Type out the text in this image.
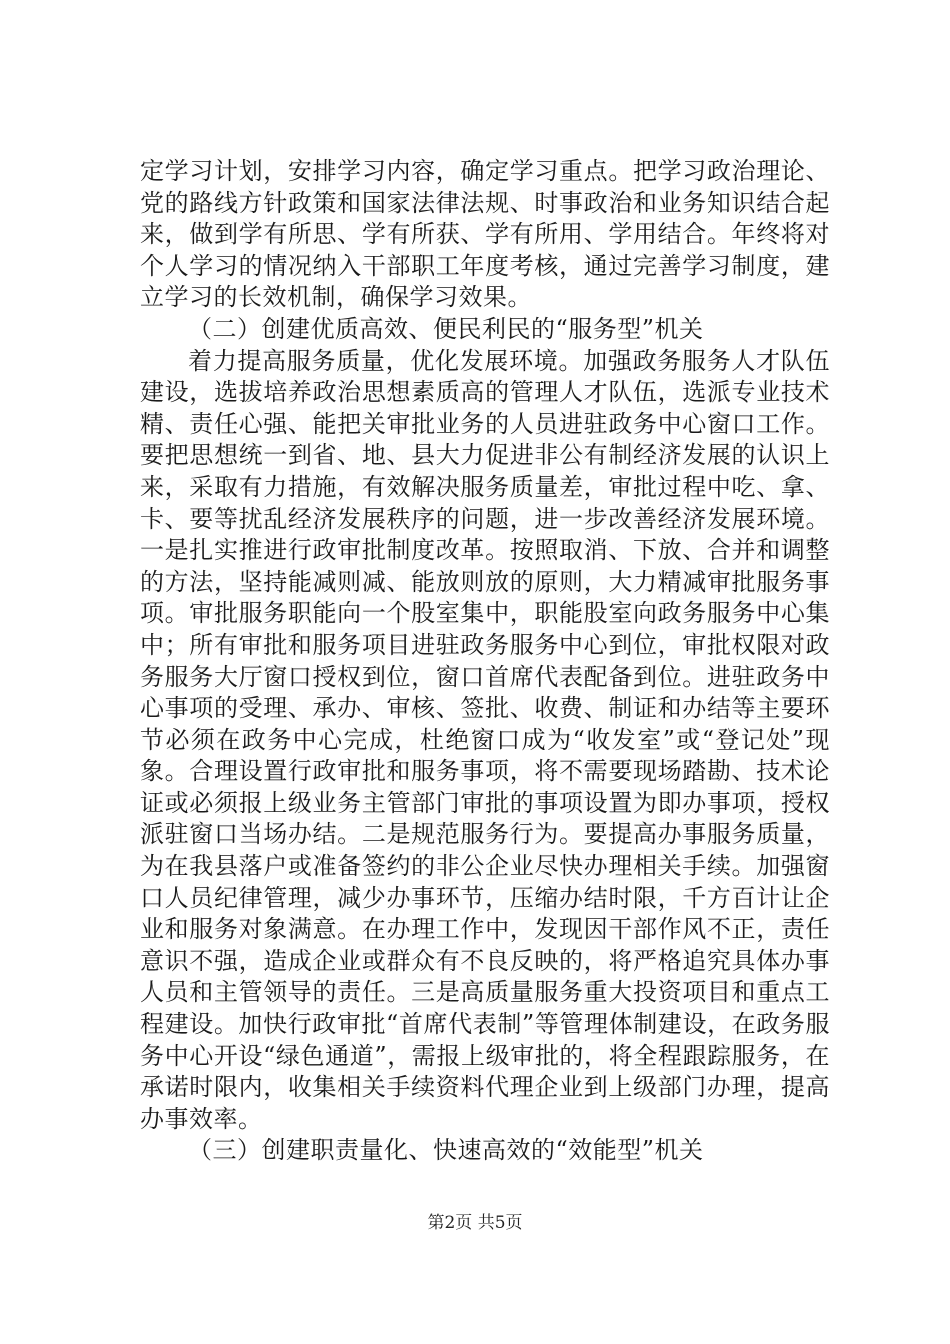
定学习计划，安排学习内容，确定学习重点。把学习政治理论、党的路线方针政策和国家法律法规、时事政治和业务知识结合起来，做到学有所思、学有所获、学有所用、学用结合。年终将对个人学习的情况纳入干部职工年度考核，通过完善学习制度，建立学习的长效机制，确保学习效果。

（二）创建优质高效、便民利民的“服务型”机关

着力提高服务质量，优化发展环境。加强政务服务人才队伍建设，选拔培养政治思想素质高的管理人才队伍，选派专业技术精、责任心强、能把关审批业务的人员进驻政务中心窗口工作。要把思想统一到省、地、县大力促进非公有制经济发展的认识上来，采取有力措施，有效解决服务质量差，审批过程中吃、拿、卡、要等扰乱经济发展秩序的问题，进一步改善经济发展环境。一是扎实推进行政审批制度改革。按照取消、下放、合并和调整的方法，坚持能减则减、能放则放的原则，大力精减审批服务事项。审批服务职能向一个股室集中，职能股室向政务服务中心集中；所有审批和服务项目进驻政务服务中心到位，审批权限对政务服务大厅窗口授权到位，窗口首席代表配备到位。进驻政务中心事项的受理、承办、审核、签批、收费、制证和办结等主要环节必须在政务中心完成，杜绝窗口成为“收发室”或“登记处”现象。合理设置行政审批和服务事项，将不需要现场踏勘、技术论证或必须报上级业务主管部门审批的事项设置为即办事项，授权派驻窗口当场办结。二是规范服务行为。要提高办事服务质量，为在我县落户或准备签约的非公企业尽快办理相关手续。加强窗口人员纪律管理，减少办事环节，压缩办结时限，千方百计让企业和服务对象满意。在办理工作中，发现因干部作风不正，责任意识不强，造成企业或群众有不良反映的，将严格追究具体办事人员和主管领导的责任。三是高质量服务重大投资项目和重点工程建设。加快行政审批“首席代表制”等管理体制建设，在政务服务中心开设“绿色通道”，需报上级审批的，将全程跟踪服务，在承诺时限内，收集相关手续资料代理企业到上级部门办理，提高办事效率。

（三）创建职责量化、快速高效的“效能型”机关

第2页 共5页
